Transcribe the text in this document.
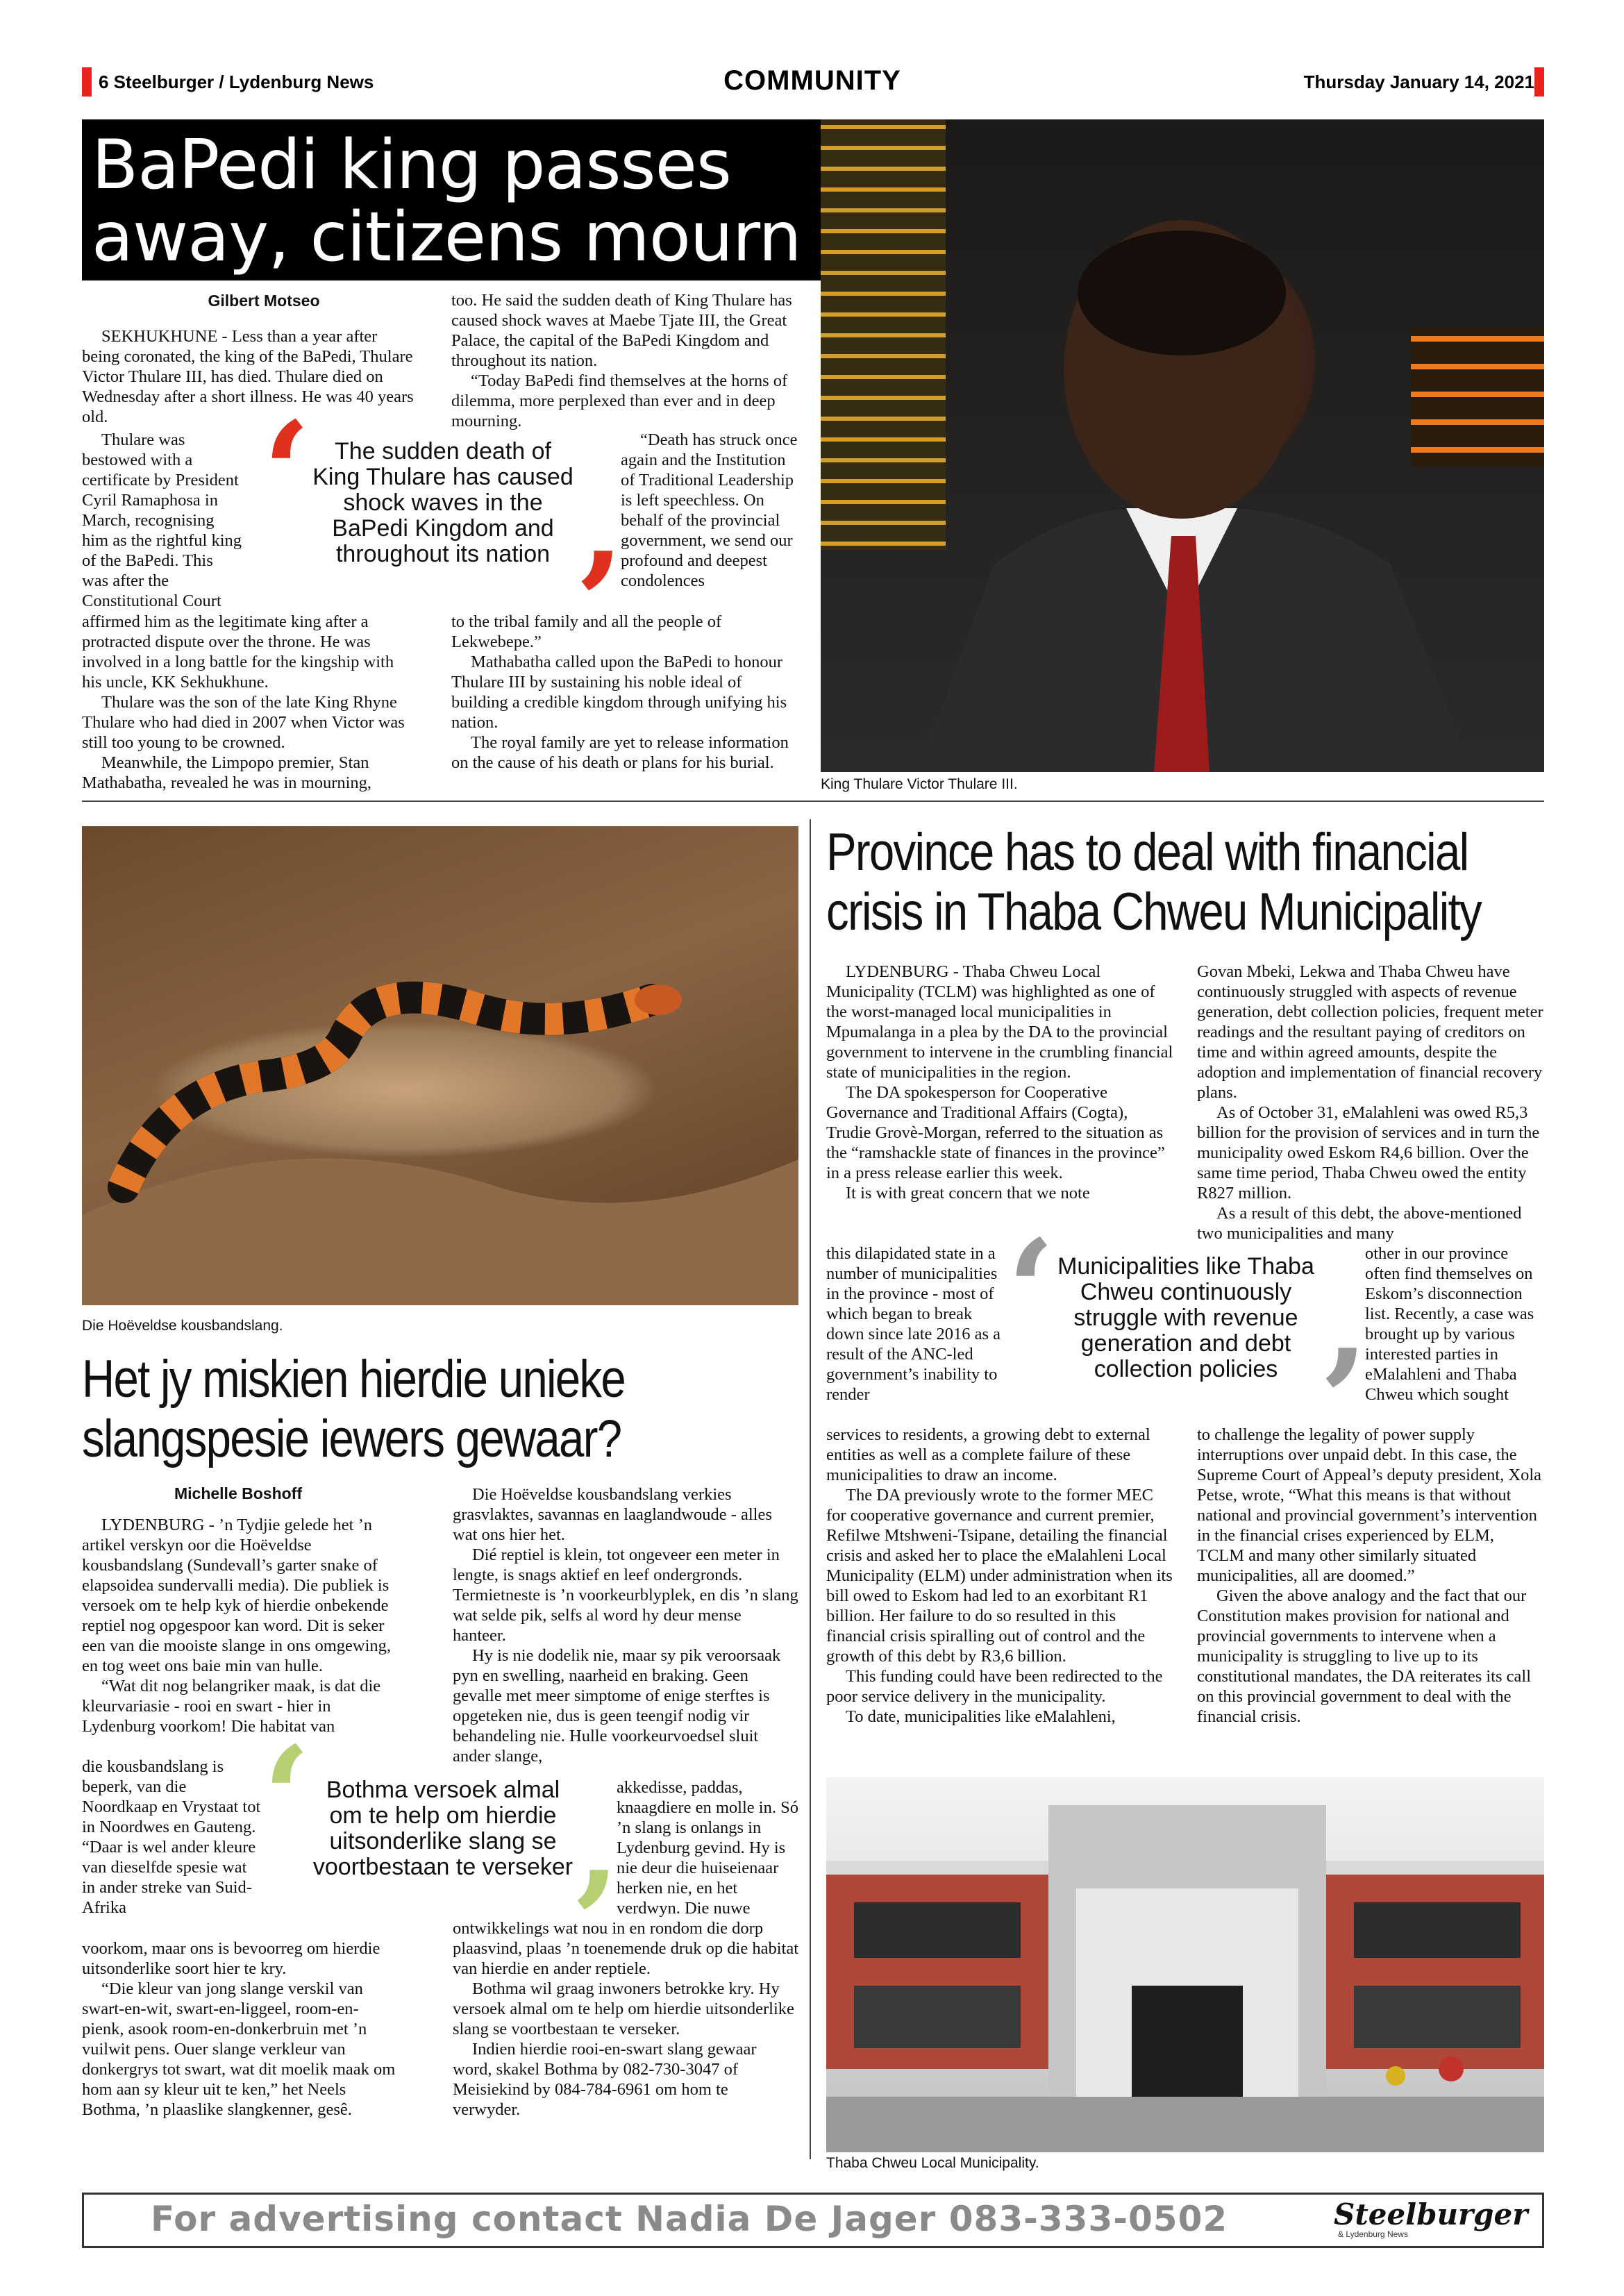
6 Steelburger / Lydenburg News	COMMUNITY	Thursday January 14, 2021
BaPedi king passes
away, citizens mourn
Gilbert Motseo

SEKHUKHUNE - Less than a year after being coronated, the king of the BaPedi, Thulare Victor Thulare III, has died. Thulare died on Wednesday after a short illness. He was 40 years old.

Thulare was bestowed with a certificate by President Cyril Ramaphosa in March, recognising him as the rightful king of the BaPedi. This was after the Constitutional Court

affirmed him as the legitimate king after a protracted dispute over the throne. He was involved in a long battle for the kingship with his uncle, KK Sekhukhune.

Thulare was the son of the late King Rhyne Thulare who had died in 2007 when Victor was still too young to be crowned.

Meanwhile, the Limpopo premier, Stan Mathabatha, revealed he was in mourning,

too. He said the sudden death of King Thulare has caused shock waves at Maebe Tjate III, the Great Palace, the capital of the BaPedi Kingdom and throughout its nation.

“Today BaPedi find themselves at the horns of dilemma, more perplexed than ever and in deep mourning.

“Death has struck once again and the Institution of Traditional Leadership is left speechless. On behalf of the provincial government, we send our profound and deepest condolences

to the tribal family and all the people of Lekwebepe.”

Mathabatha called upon the BaPedi to honour Thulare III by sustaining his noble ideal of building a credible kingdom through unifying his nation.

The royal family are yet to release information on the cause of his death or plans for his burial.

‘	The sudden death of King Thulare has caused shock waves in the BaPedi Kingdom and throughout its nation ’
King Thulare Victor Thulare III.
Die Hoëveldse kousbandslang.
Het jy miskien hierdie unieke
slangspesie iewers gewaar?
Michelle Boshoff

LYDENBURG - ’n Tydjie gelede het ’n artikel verskyn oor die Hoëveldse kousbandslang (Sundevall’s garter snake of elapsoidea sundervalli media). Die publiek is versoek om te help kyk of hierdie onbekende reptiel nog opgespoor kan word. Dit is seker een van die mooiste slange in ons omgewing, en tog weet ons baie min van hulle.

“Wat dit nog belangriker maak, is dat die kleurvariasie - rooi en swart - hier in Lydenburg voorkom! Die habitat van

die kousbandslang is beperk, van die Noordkaap en Vrystaat tot in Noordwes en Gauteng. “Daar is wel ander kleure van dieselfde spesie wat in ander streke van Suid-Afrika

voorkom, maar ons is bevoorreg om hierdie uitsonderlike soort hier te kry.

“Die kleur van jong slange verskil van swart-en-wit, swart-en-liggeel, room-en-pienk, asook room-en-donkerbruin met ’n vuilwit pens. Ouer slange verkleur van donkergrys tot swart, wat dit moelik maak om hom aan sy kleur uit te ken,” het Neels Bothma, ’n plaaslike slangkenner, gesê.

Die Hoëveldse kousbandslang verkies grasvlaktes, savannas en laaglandwoude - alles wat ons hier het.

Dié reptiel is klein, tot ongeveer een meter in lengte, is snags aktief en leef ondergronds. Termietneste is ’n voorkeurblyplek, en dis ’n slang wat selde pik, selfs al word hy deur mense hanteer.

Hy is nie dodelik nie, maar sy pik veroorsaak pyn en swelling, naarheid en braking. Geen gevalle met meer simptome of enige sterftes is opgeteken nie, dus is geen teengif nodig vir behandeling nie. Hulle voorkeurvoedsel sluit ander slange,

akkedisse, paddas, knaagdiere en molle in. Só ’n slang is onlangs in Lydenburg gevind. Hy is nie deur die huiseienaar herken nie, en het verdwyn. Die nuwe

ontwikkelings wat nou in en rondom die dorp plaasvind, plaas ’n toenemende druk op die habitat van hierdie en ander reptiele.

Bothma wil graag inwoners betrokke kry. Hy versoek almal om te help om hierdie uitsonderlike slang se voortbestaan te verseker.

Indien hierdie rooi-en-swart slang gewaar word, skakel Bothma by 082-730-3047 of Meisiekind by 084-784-6961 om hom te verwyder.

‘ Bothma versoek almal om te help om hierdie uitsonderlike slang se voortbestaan te verseker
’
Province has to deal with financial
crisis in Thaba Chweu Municipality

LYDENBURG - Thaba Chweu Local Municipality (TCLM) was highlighted as one of the worst-managed local municipalities in Mpumalanga in a plea by the DA to the provincial government to intervene in the crumbling financial state of municipalities in the region.

The DA spokesperson for Cooperative Governance and Traditional Affairs (Cogta), Trudie Grovè-Morgan, referred to the situation as the “ramshackle state of finances in the province” in a press release earlier this week.

It is with great concern that we note

this dilapidated state in a number of municipalities in the province - most of which began to break down since late 2016 as a result of the ANC-led government’s inability to render

services to residents, a growing debt to external entities as well as a complete failure of these municipalities to draw an income.

The DA previously wrote to the former MEC for cooperative governance and current premier, Refilwe Mtshweni-Tsipane, detailing the financial crisis and asked her to place the eMalahleni Local Municipality (ELM) under administration when its bill owed to Eskom had led to an exorbitant R1 billion. Her failure to do so resulted in this financial crisis spiralling out of control and the growth of this debt by R3,6 billion.

This funding could have been redirected to the poor service delivery in the municipality.

To date, municipalities like eMalahleni,

Govan Mbeki, Lekwa and Thaba Chweu have continuously struggled with aspects of revenue generation, debt collection policies, frequent meter readings and the resultant paying of creditors on time and within agreed amounts, despite the adoption and implementation of financial recovery plans.

As of October 31, eMalahleni was owed R5,3 billion for the provision of services and in turn the municipality owed Eskom R4,6 billion. Over the same time period, Thaba Chweu owed the entity R827 million.

As a result of this debt, the above-mentioned two municipalities and many

other in our province often find themselves on Eskom’s disconnection list. Recently, a case was brought up by various interested parties in eMalahleni and Thaba Chweu which sought

to challenge the legality of power supply interruptions over unpaid debt. In this case, the Supreme Court of Appeal’s deputy president, Xola Petse, wrote, “What this means is that without national and provincial government’s intervention in the financial crises experienced by ELM, TCLM and many other similarly situated municipalities, all are doomed.”

Given the above analogy and the fact that our Constitution makes provision for national and provincial governments to intervene when a municipality is struggling to live up to its constitutional mandates, the DA reiterates its call on this provincial government to deal with the financial crisis.

‘ Municipalities like Thaba Chweu continuously struggle with revenue generation and debt collection policies ’
Thaba Chweu Local Municipality.
For advertising contact Nadia De Jager 083-333-0502	Steelburger
& Lydenburg News
